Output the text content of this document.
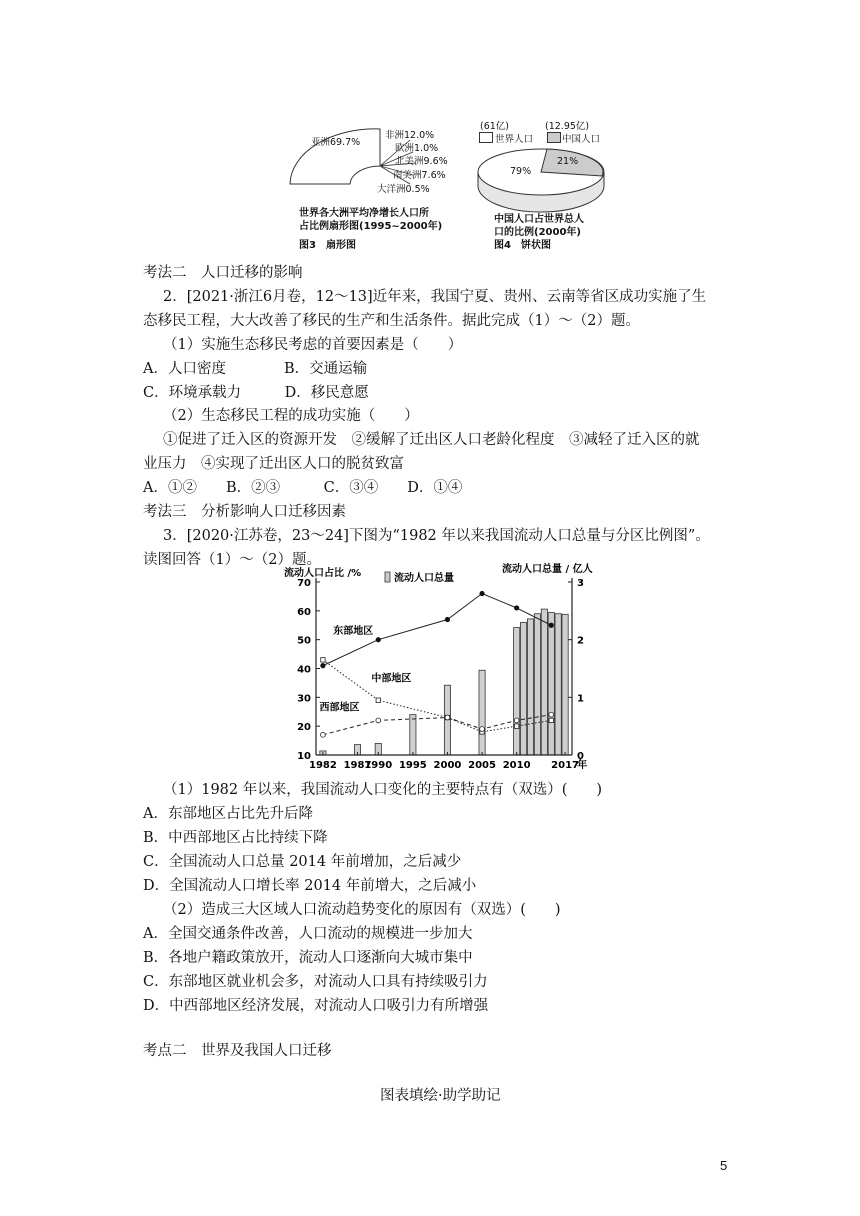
亚洲69.7%
非洲12.0%
欧洲1.0%
北美洲9.6%
南美洲7.6%
大洋洲0.5%
世界各大洲平均净增长人口所
占比例扇形图(1995~2000年)
图3　扇形图
(61亿)	(12.95亿)
世界人口	中国人口
79%
21%
中国人口占世界总人
口的比例(2000年)
图4　饼状图
考法二　人口迁移的影响
2．[2021·浙江6月卷，12～13]近年来，我国宁夏、贵州、云南等省区成功实施了生
态移民工程，大大改善了移民的生产和生活条件。据此完成（1）～（2）题。
（1）实施生态移民考虑的首要因素是（　　）
A．人口密度　　　　B．交通运输
C．环境承载力　　　D．移民意愿
（2）生态移民工程的成功实施（　　）
①促进了迁入区的资源开发　②缓解了迁出区人口老龄化程度　③减轻了迁入区的就
业压力　④实现了迁出区人口的脱贫致富
A．①②　　B．②③　　　C．③④　　D．①④
考法三　分析影响人口迁移因素
3．[2020·江苏卷，23～24]下图为“1982 年以来我国流动人口总量与分区比例图”。
读图回答（1）～（2）题。
流动人口占比 /%	流动人口总量
流动人口总量 / 亿人
东部地区
中部地区
西部地区
10
20
30
40
50
60
70
0
1
2
3
1982 1987
1990 1995 2000 2005 2010 2017
年
（1）1982 年以来，我国流动人口变化的主要特点有（双选）(　　)
A．东部地区占比先升后降
B．中西部地区占比持续下降
C．全国流动人口总量 2014 年前增加，之后减少
D．全国流动人口增长率 2014 年前增大，之后减小
（2）造成三大区域人口流动趋势变化的原因有（双选）(　　)
A．全国交通条件改善，人口流动的规模进一步加大
B．各地户籍政策放开，流动人口逐渐向大城市集中
C．东部地区就业机会多，对流动人口具有持续吸引力
D．中西部地区经济发展，对流动人口吸引力有所增强
考点二　世界及我国人口迁移
图表填绘·助学助记
5
